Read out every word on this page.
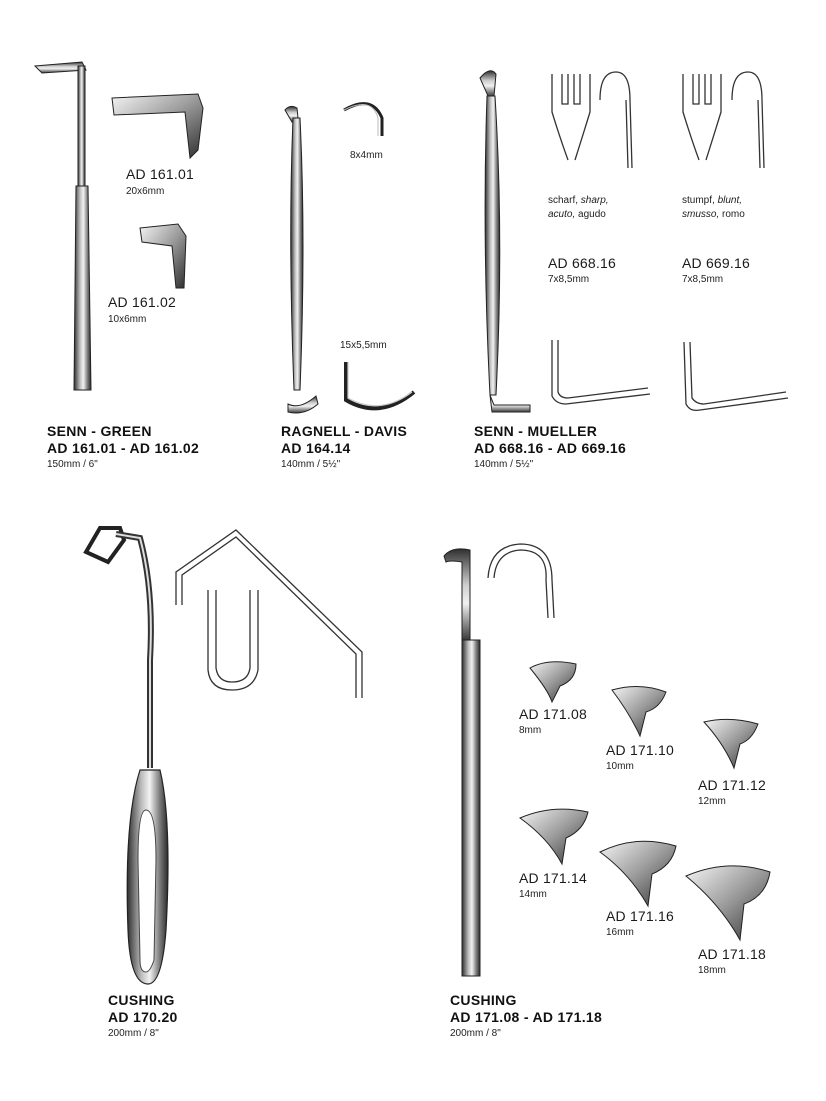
AD 161.01
20x6mm
AD 161.02
10x6mm
SENN - GREEN
AD 161.01 - AD 161.02
150mm / 6"
8x4mm
15x5,5mm
RAGNELL - DAVIS
AD 164.14
140mm / 5½"
scharf, sharp,
acuto, agudo
AD 668.16
7x8,5mm
stumpf, blunt,
smusso, romo
AD 669.16
7x8,5mm
SENN - MUELLER
AD 668.16 - AD 669.16
140mm / 5½"
CUSHING
AD 170.20
200mm / 8"
AD 171.08
8mm
AD 171.10
10mm
AD 171.12
12mm
AD 171.14
14mm
AD 171.16
16mm
AD 171.18
18mm
CUSHING
AD 171.08 - AD 171.18
200mm / 8"
